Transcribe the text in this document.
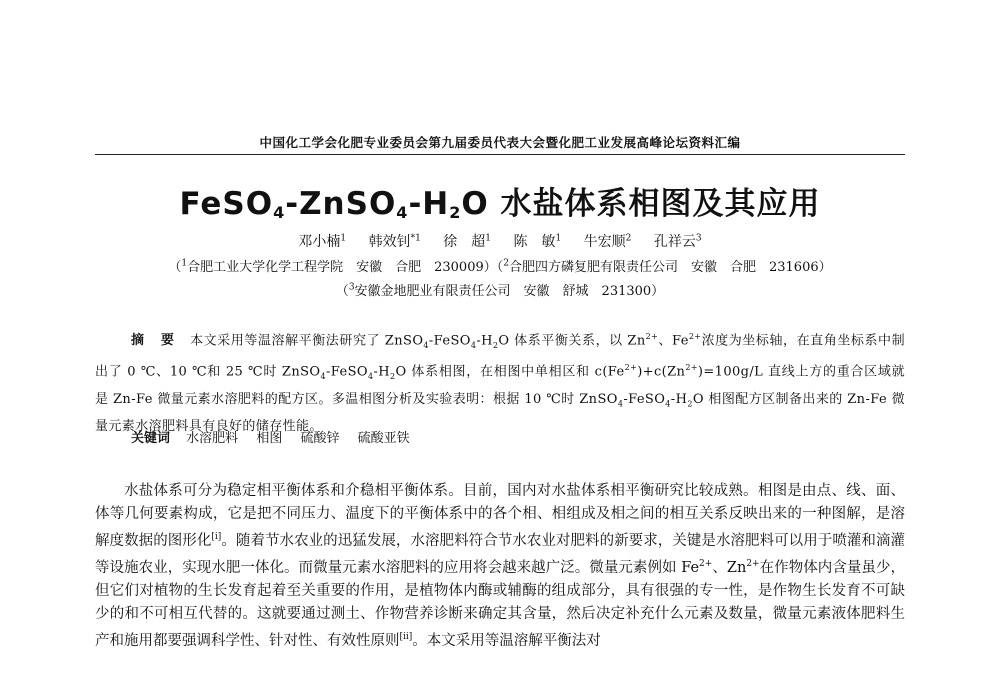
中国化工学会化肥专业委员会第九届委员代表大会暨化肥工业发展高峰论坛资料汇编
$FeSO_4-ZnSO_4-H_2O$ 水盐体系相图及其应用
邓小楠$^1$ 韩效钊$^{*1}$ 徐　超$^1$ 陈　敏$^1$ 牛宏顺$^2$ 孔祥云$^3$
（$^1$合肥工业大学化学工程学院　安徽　合肥　230009）（$^2$合肥四方磷复肥有限责任公司　安徽　合肥　231606）
（$^3$安徽金地肥业有限责任公司　安徽　舒城　231300）
摘 要 本文采用等温溶解平衡法研究了 $ZnSO_4-FeSO_4-H_2O$ 体系平衡关系，以 $Zn^{2+}$、$Fe^{2+}$浓度为坐标轴，在直角坐标系中制出了 0 ℃、10 ℃和 25 ℃时 $ZnSO_4-FeSO_4-H_2O$ 体系相图，在相图中单相区和 $c(Fe^{2+})+c(Zn^{2+})=100g/L$ 直线上方的重合区域就是 Zn-Fe 微量元素水溶肥料的配方区。多温相图分析及实验表明：根据 10 ℃时 $ZnSO_4-FeSO_4-H_2O$ 相图配方区制备出来的 Zn-Fe 微量元素水溶肥料具有良好的储存性能。
关键词 水溶肥料 相图 硫酸锌 硫酸亚铁

水盐体系可分为稳定相平衡体系和介稳相平衡体系。目前，国内对水盐体系相平衡研究比较成熟。相图是由点、线、面、体等几何要素构成，它是把不同压力、温度下的平衡体系中的各个相、相组成及相之间的相互关系反映出来的一种图解，是溶解度数据的图形化[i]。随着节水农业的迅猛发展，水溶肥料符合节水农业对肥料的新要求，关键是水溶肥料可以用于喷灌和滴灌等设施农业，实现水肥一体化。而微量元素水溶肥料的应用将会越来越广泛。微量元素例如 $Fe^{2+}$、$Zn^{2+}$在作物体内含量虽少，但它们对植物的生长发育起着至关重要的作用，是植物体内酶或辅酶的组成部分，具有很强的专一性，是作物生长发育不可缺少的和不可相互代替的。这就要通过测土、作物营养诊断来确定其含量，然后决定补充什么元素及数量，微量元素液体肥料生产和施用都要强调科学性、针对性、有效性原则[ii]。本文采用等温溶解平衡法对
